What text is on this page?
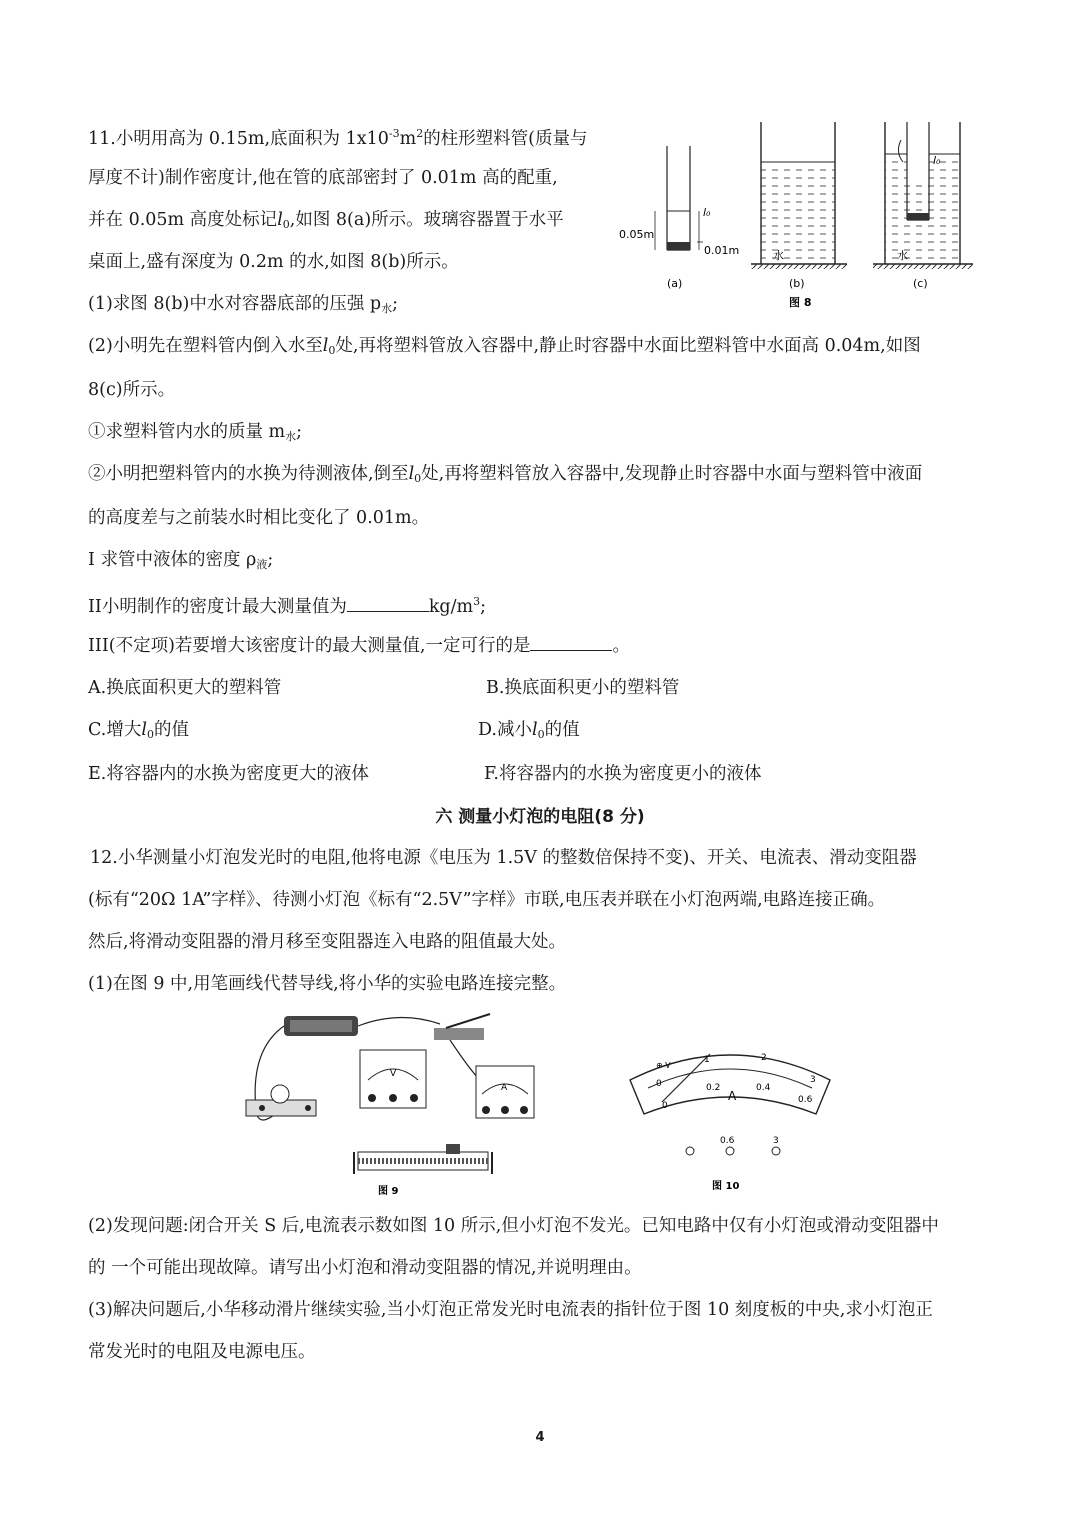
11.小明用高为 0.15m,底面积为 $1x10^{-3}m^2$的柱形塑料管(质量与
厚度不计)制作密度计,他在管的底部密封了 0.01m 高的配重,
并在 0.05m 高度处标记$l_0$,如图 8(a)所示。玻璃容器置于水平
桌面上,盛有深度为 0.2m 的水,如图 8(b)所示。
(1)求图 8(b)中水对容器底部的压强 $p_水$;
(2)小明先在塑料管内倒入水至$l_0$处,再将塑料管放入容器中,静止时容器中水面比塑料管中水面高 0.04m,如图
8(c)所示。
①求塑料管内水的质量 $m_水$;
②小明把塑料管内的水换为待测液体,倒至$l_0$处,再将塑料管放入容器中,发现静止时容器中水面与塑料管中液面
的高度差与之前装水时相比变化了 0.01m。
I 求管中液体的密度 $\rho_液$;
II小明制作的密度计最大测量值为	$kg/m^3$;
III(不定项)若要增大该密度计的最大测量值,一定可行的是	。
A.换底面积更大的塑料管	B.换底面积更小的塑料管
C.增大$l_0$的值	D.减小$l_0$的值
E.将容器内的水换为密度更大的液体	F.将容器内的水换为密度更小的液体
0.05m
0.01m
l₀
(a)
水
(b)
l₀
水
(c)
图 8
六 测量小灯泡的电阻(8 分)
12.小华测量小灯泡发光时的电阻,他将电源《电压为 1.5V 的整数倍保持不变)、开关、电流表、滑动变阻器
(标有“20Ω 1A”字样》、待测小灯泡《标有“2.5V”字样》市联,电压表并联在小灯泡两端,电路连接正确。
然后,将滑动变阻器的滑月移至变阻器连入电路的阻值最大处。
(1)在图 9 中,用笔画线代替导线,将小华的实验电路连接完整。
V
A
图 9
0
1	2
3
0
0.2	0.4
0.6
A
⊕-V
0.6	3
图 10
(2)发现问题:闭合开关 S 后,电流表示数如图 10 所示,但小灯泡不发光。已知电路中仅有小灯泡或滑动变阻器中
的 一个可能出现故障。请写出小灯泡和滑动变阻器的情况,并说明理由。
(3)解决问题后,小华移动滑片继续实验,当小灯泡正常发光时电流表的指针位于图 10 刻度板的中央,求小灯泡正
常发光时的电阻及电源电压。
4
